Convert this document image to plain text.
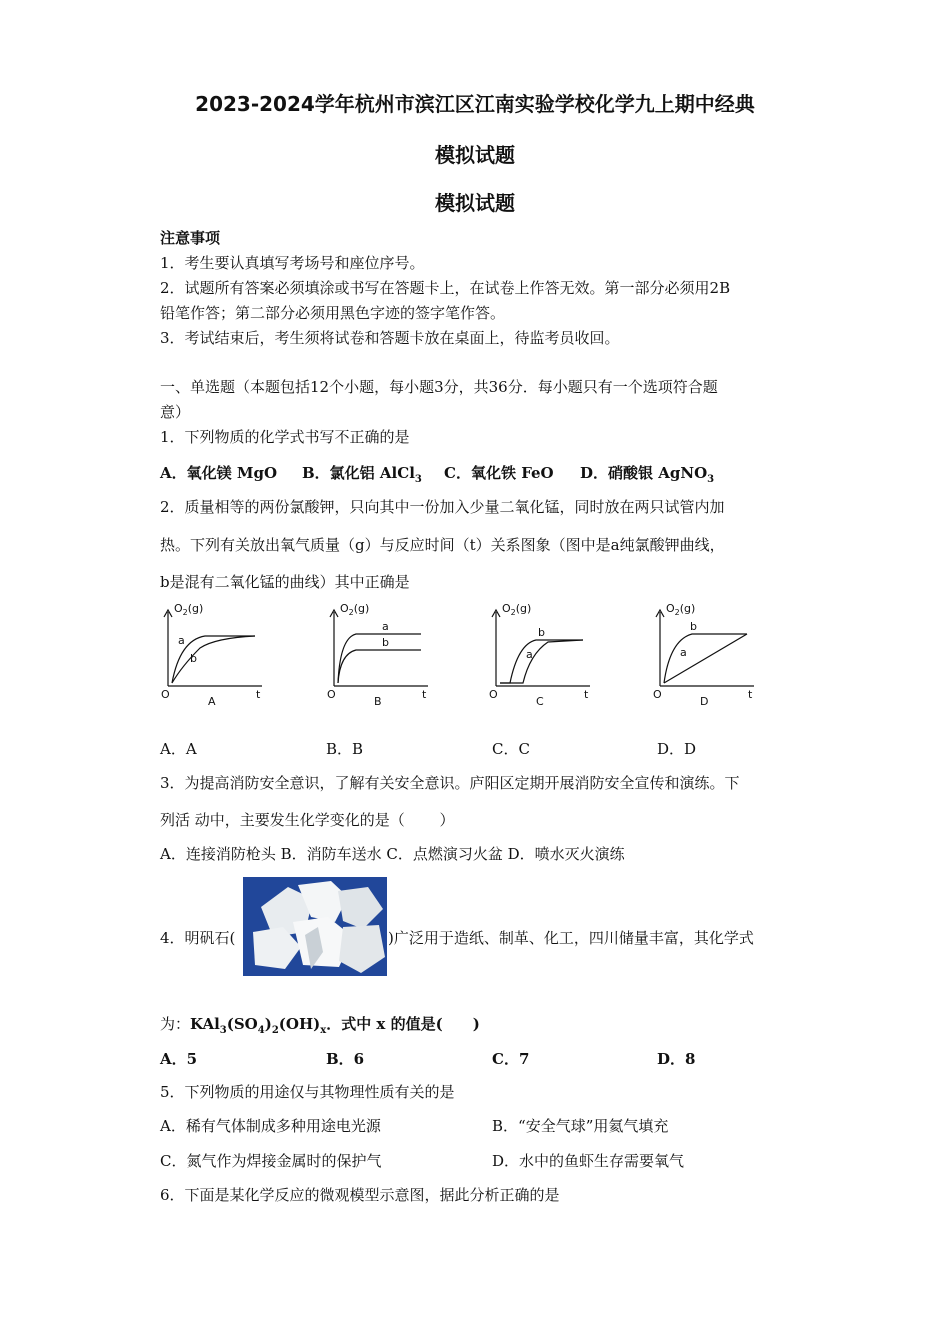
2023-2024学年杭州市滨江区江南实验学校化学九上期中经典
模拟试题
模拟试题
注意事项
1．考生要认真填写考场号和座位序号。
2．试题所有答案必须填涂或书写在答题卡上，在试卷上作答无效。第一部分必须用2B
铅笔作答；第二部分必须用黑色字迹的签字笔作答。
3．考试结束后，考生须将试卷和答题卡放在桌面上，待监考员收回。
一、单选题（本题包括12个小题，每小题3分，共36分．每小题只有一个选项符合题
意）
1．下列物质的化学式书写不正确的是
A．氧化镁 MgO B．氯化铝 AlCl$_3$ C．氧化铁 FeO D．硝酸银 AgNO$_3$
2．质量相等的两份氯酸钾，只向其中一份加入少量二氧化锰，同时放在两只试管内加
热。下列有关放出氧气质量（g）与反应时间（t）关系图象（图中是a纯氯酸钾曲线，
b是混有二氧化锰的曲线）其中正确是
$O_2(g)$
t
O
a
b
A
$O_2(g)$
t
O
a
b
B
$O_2(g)$
t
O
a
b
C
$O_2(g)$
t
O
a
b
D
A．A	B．B	C．C	D．D
3．为提高消防安全意识，了解有关安全意识。庐阳区定期开展消防安全宣传和演练。下
列活 动中，主要发生化学变化的是（　　 ）
A．连接消防枪头 B．消防车送水 C．点燃演习火盆 D．喷水灭火演练
4．明矾石(	)广泛用于造纸、制革、化工，四川储量丰富，其化学式
为：$KAl_3(SO_4)_2(OH)_x$．式中 x 的值是(　　)
A．5	B．6	C．7	D．8
5．下列物质的用途仅与其物理性质有关的是
A．稀有气体制成多种用途电光源	B．“安全气球”用氦气填充
C．氮气作为焊接金属时的保护气	D．水中的鱼虾生存需要氧气
6．下面是某化学反应的微观模型示意图，据此分析正确的是
